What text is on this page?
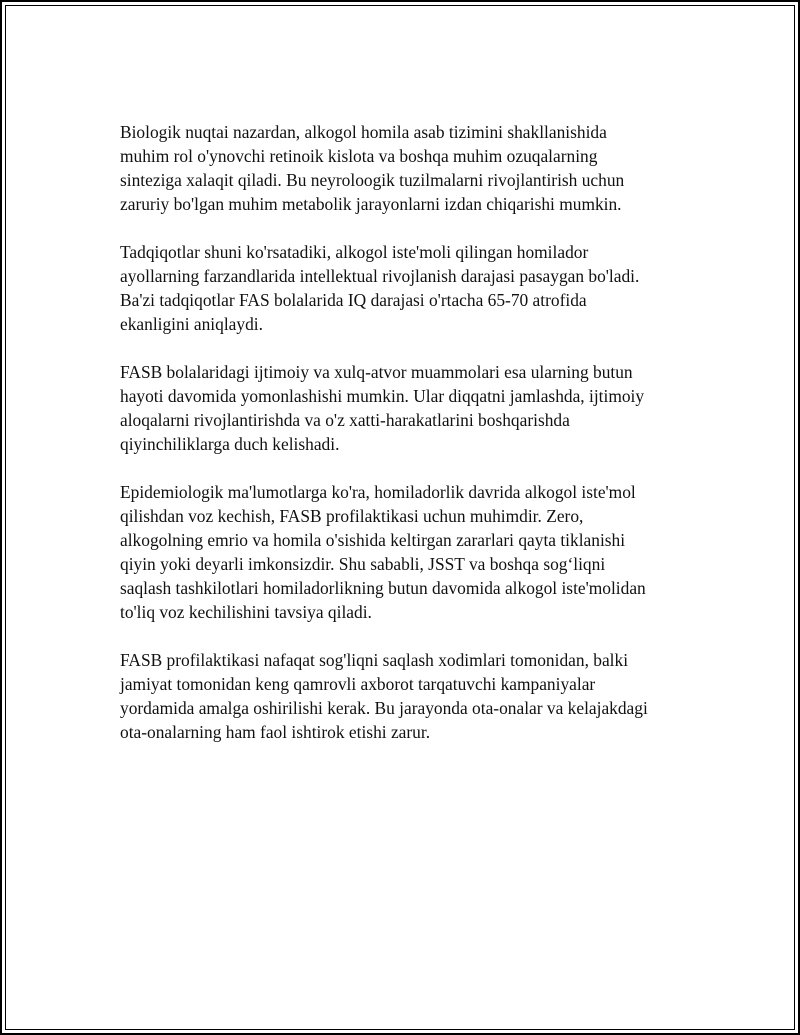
Biologik nuqtai nazardan, alkogol homila asab tizimini shakllanishida
muhim rol o'ynovchi retinoik kislota va boshqa muhim ozuqalarning
sinteziga xalaqit qiladi. Bu neyroloogik tuzilmalarni rivojlantirish uchun
zaruriy bo'lgan muhim metabolik jarayonlarni izdan chiqarishi mumkin.

Tadqiqotlar shuni ko'rsatadiki, alkogol iste'moli qilingan homilador
ayollarning farzandlarida intellektual rivojlanish darajasi pasaygan bo'ladi.
Ba'zi tadqiqotlar FAS bolalarida IQ darajasi o'rtacha 65-70 atrofida
ekanligini aniqlaydi.

FASB bolalaridagi ijtimoiy va xulq-atvor muammolari esa ularning butun
hayoti davomida yomonlashishi mumkin. Ular diqqatni jamlashda, ijtimoiy
aloqalarni rivojlantirishda va o'z xatti-harakatlarini boshqarishda
qiyinchiliklarga duch kelishadi.

Epidemiologik ma'lumotlarga ko'ra, homiladorlik davrida alkogol iste'mol
qilishdan voz kechish, FASB profilaktikasi uchun muhimdir. Zero,
alkogolning emrio va homila o'sishida keltirgan zararlari qayta tiklanishi
qiyin yoki deyarli imkonsizdir. Shu sababli, JSST va boshqa sog‘liqni
saqlash tashkilotlari homiladorlikning butun davomida alkogol iste'molidan
to'liq voz kechilishini tavsiya qiladi.

FASB profilaktikasi nafaqat sog'liqni saqlash xodimlari tomonidan, balki
jamiyat tomonidan keng qamrovli axborot tarqatuvchi kampaniyalar
yordamida amalga oshirilishi kerak. Bu jarayonda ota-onalar va kelajakdagi
ota-onalarning ham faol ishtirok etishi zarur.
